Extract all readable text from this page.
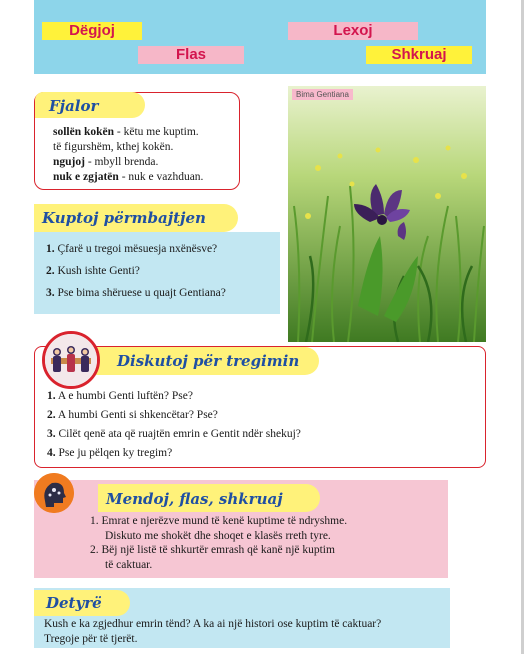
Dëgjoj	Lexoj
Flas	Shkruaj
Fjalor
sollën kokën - këtu me kuptim.
të figurshëm, kthej kokën.
ngujoj - mbyll brenda.
nuk e zgjatën - nuk e vazhduan.
Kuptoj përmbajtjen
1. Çfarë u tregoi mësuesja nxënësve?
2. Kush ishte Genti?
3. Pse bima shëruese u quajt Gentiana?
Bima Gentiana
Diskutoj për tregimin
1. A e humbi Genti luftën? Pse?
2. A humbi Genti si shkencëtar? Pse?
3. Cilët qenë ata që ruajtën emrin e Gentit ndër shekuj?
4. Pse ju pëlqen ky tregim?
Mendoj, flas, shkruaj
1. Emrat e njerëzve mund të kenë kuptime të ndryshme.
Diskuto me shokët dhe shoqet e klasës rreth tyre.
2. Bëj një listë të shkurtër emrash që kanë një kuptim
të caktuar.
Detyrë
Kush e ka zgjedhur emrin tënd? A ka ai një histori ose kuptim të caktuar?
Tregoje për të tjerët.
